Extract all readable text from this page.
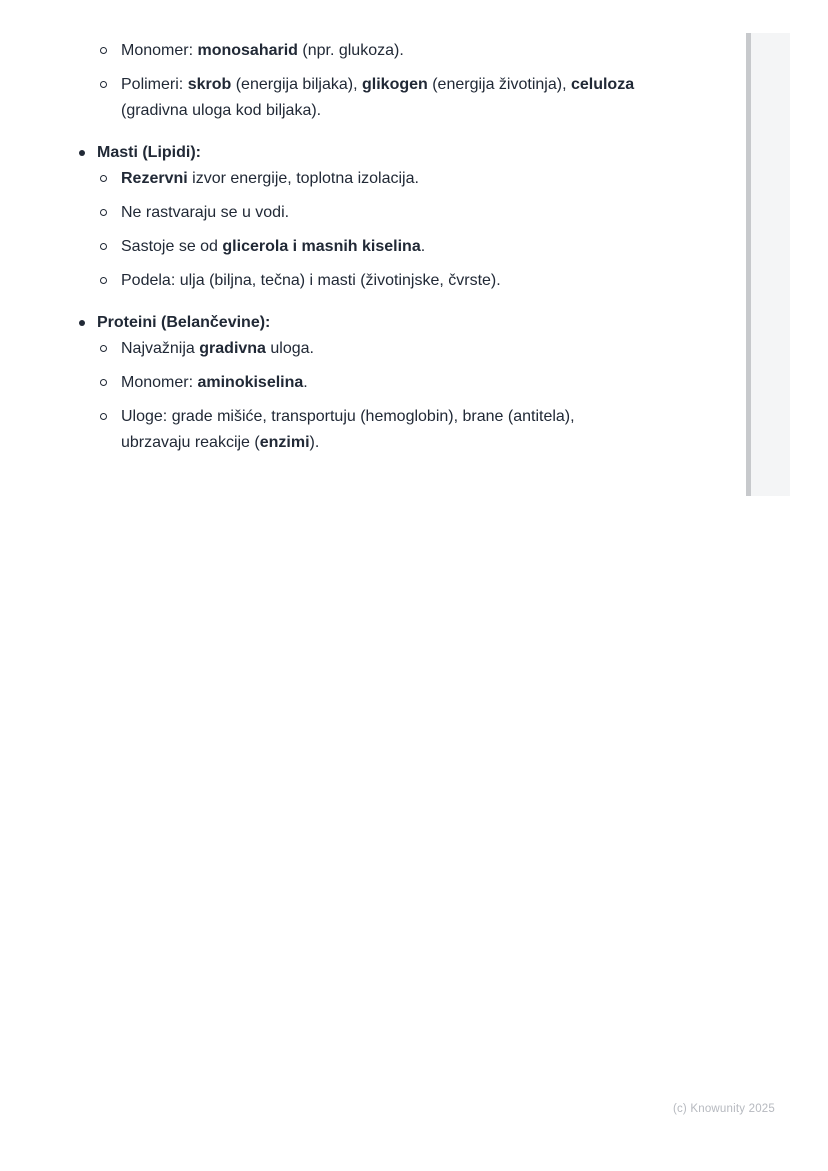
Monomer: monosaharid (npr. glukoza).
Polimeri: skrob (energija biljaka), glikogen (energija životinja), celuloza
(gradivna uloga kod biljaka).
Masti (Lipidi):
Rezervni izvor energije, toplotna izolacija.
Ne rastvaraju se u vodi.
Sastoje se od glicerola i masnih kiselina.
Podela: ulja (biljna, tečna) i masti (životinjske, čvrste).
Proteini (Belančevine):
Najvažnija gradivna uloga.
Monomer: aminokiselina.
Uloge: grade mišiće, transportuju (hemoglobin), brane (antitela),
ubrzavaju reakcije (enzimi).
(c) Knowunity 2025
